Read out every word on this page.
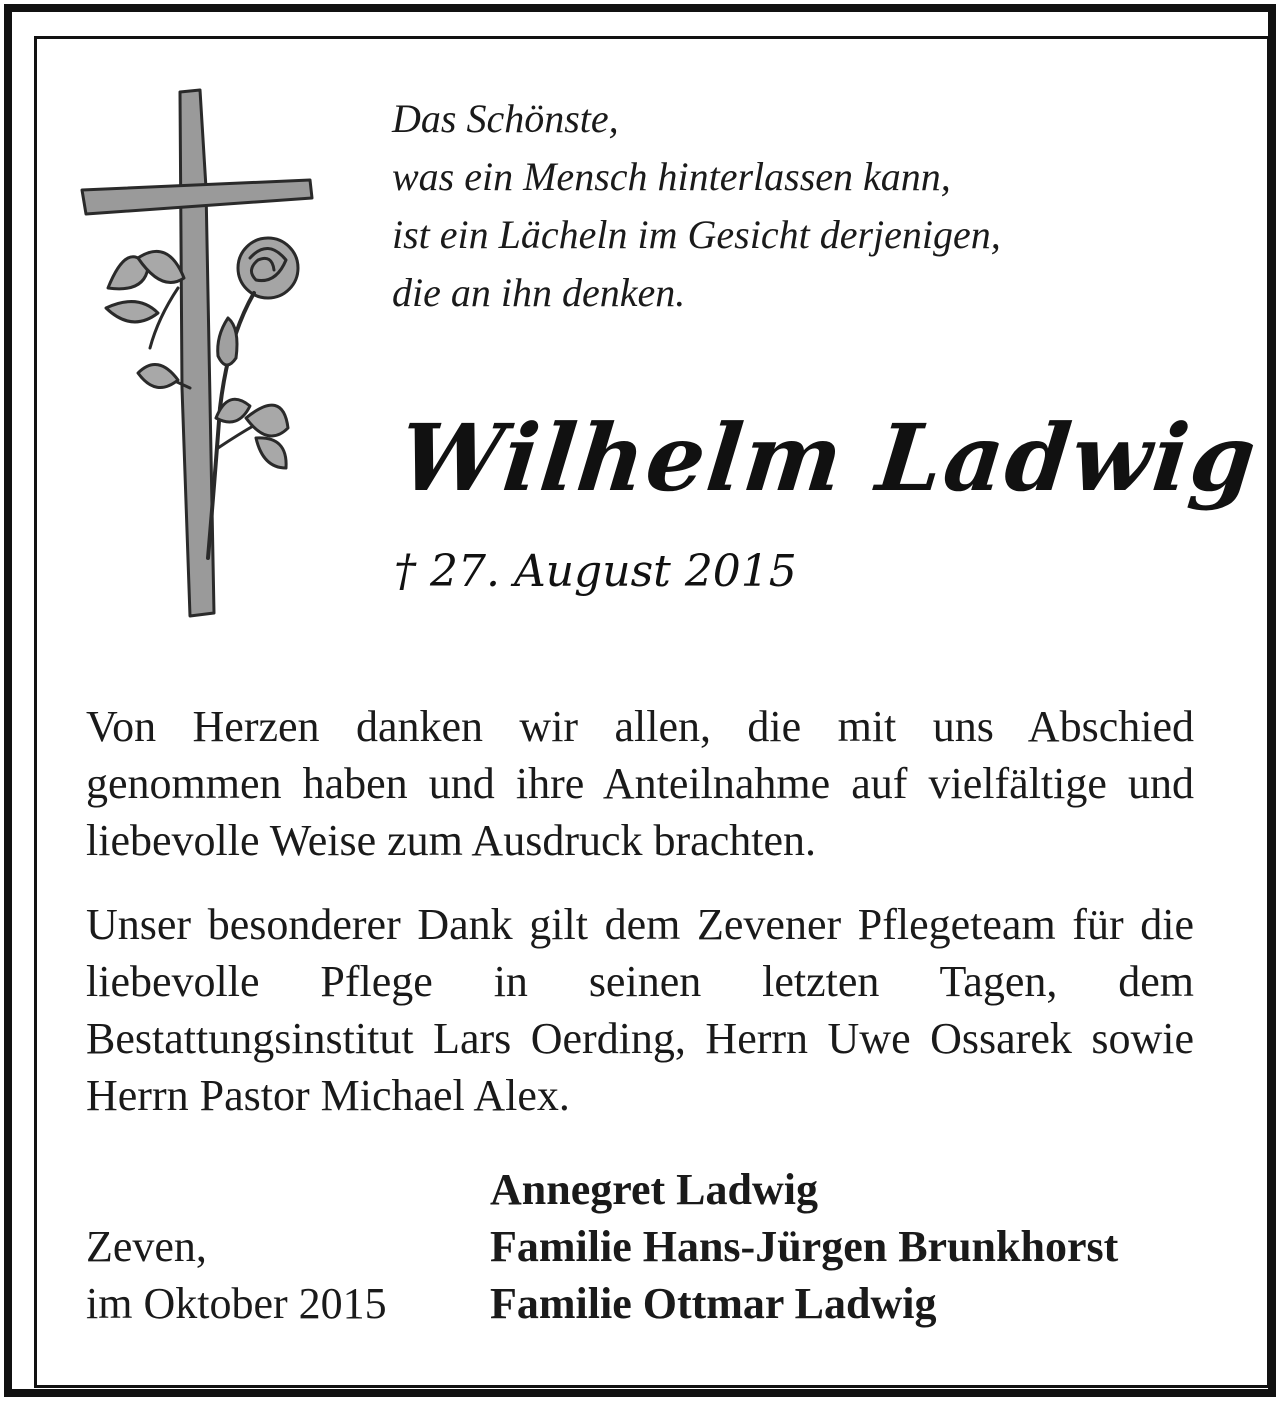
Das Schönste,
was ein Mensch hinterlassen kann,
ist ein Lächeln im Gesicht derjenigen,
die an ihn denken.

Wilhelm Ladwig

† 27. August 2015

Von Herzen danken wir allen, die mit uns Abschied genommen haben und ihre Anteilnahme auf vielfältige und liebevolle Weise zum Ausdruck brachten.

Unser besonderer Dank gilt dem Zevener Pflegeteam für die liebevolle Pflege in seinen letzten Tagen, dem Bestattungsinstitut Lars Oerding, Herrn Uwe Ossarek sowie Herrn Pastor Michael Alex.

Zeven,
im Oktober 2015

Annegret Ladwig
Familie Hans-Jürgen Brunkhorst
Familie Ottmar Ladwig
